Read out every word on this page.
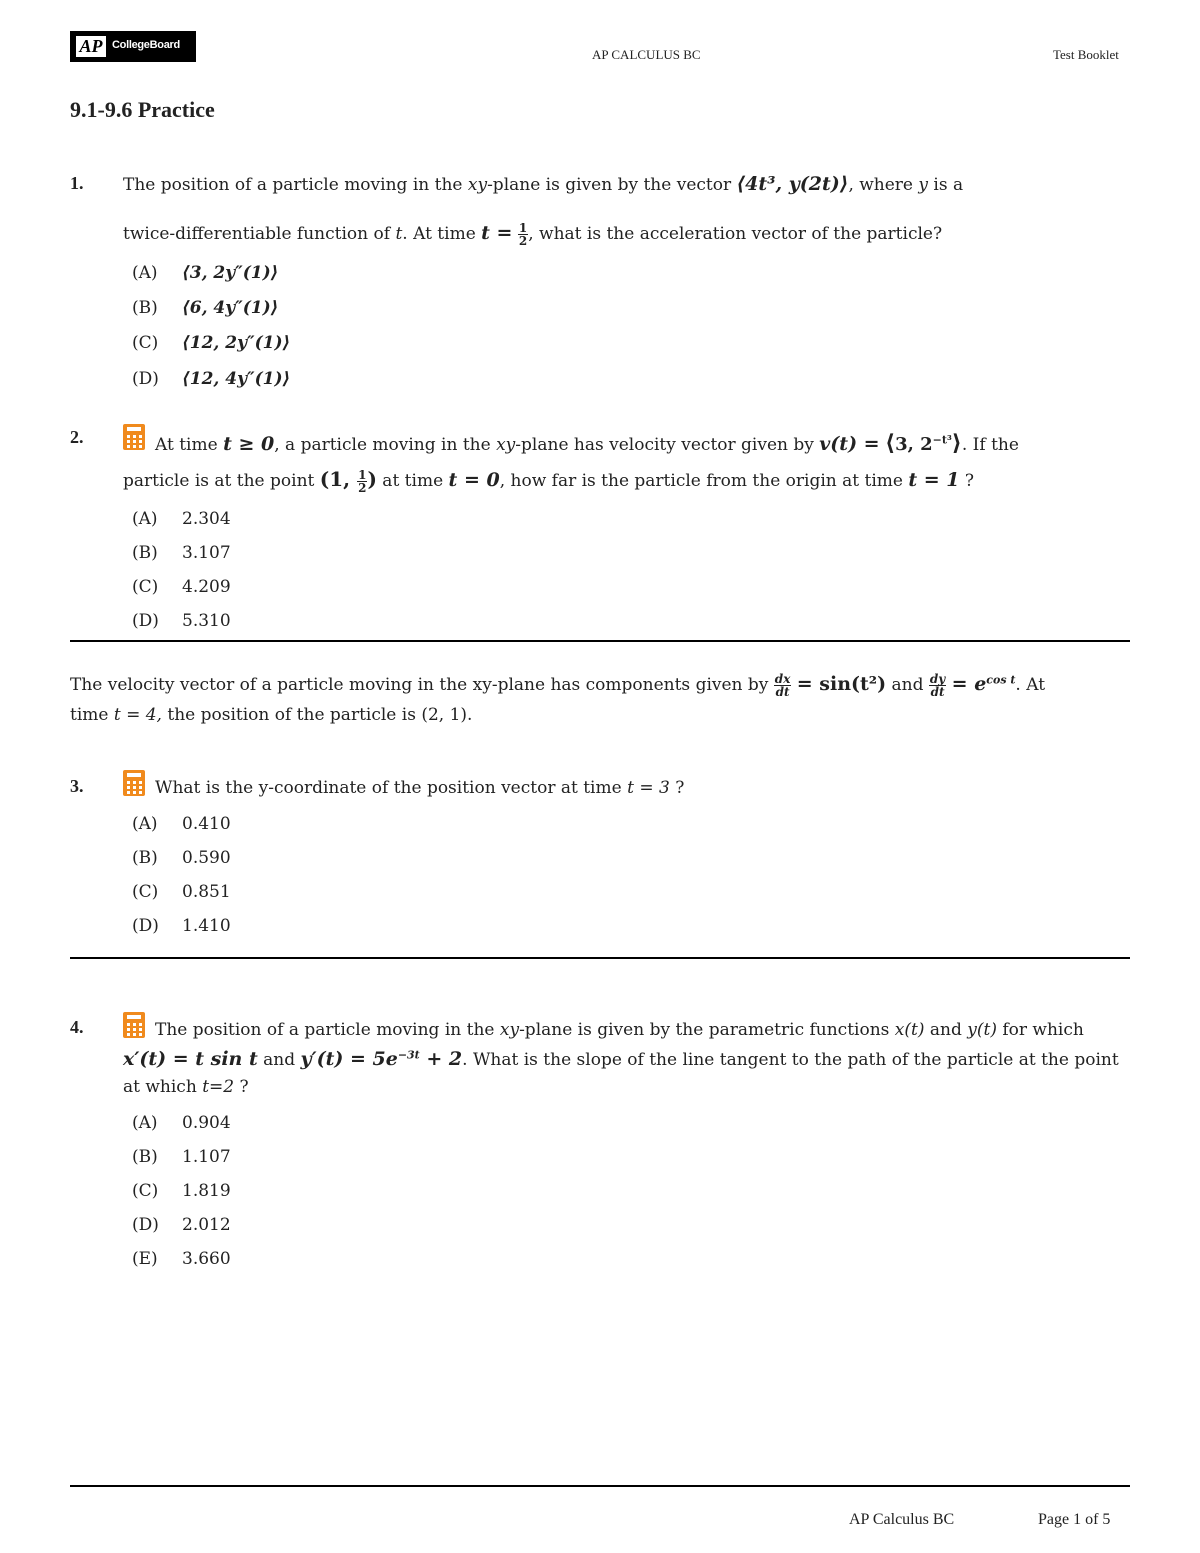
AP CollegeBoard
AP CALCULUS BC	Test Booklet
9.1-9.6 Practice
1. The position of a particle moving in the xy-plane is given by the vector ⟨4t³, y(2t)⟩, where y is a
twice-differentiable function of t. At time $t = \frac{1}{2}$ , what is the acceleration vector of the particle?
(A) ⟨3, 2y″(1)⟩
(B) ⟨6, 4y″(1)⟩
(C) ⟨12, 2y″(1)⟩
(D) ⟨12, 4y″(1)⟩
2.	At time t ≥ 0, a particle moving in the xy-plane has velocity vector given by v(t) = ⟨3, $2^{-t^3}⟩$. If the
particle is at the point (1, $\frac{1}{2}$ ) at time t = 0, how far is the particle from the origin at time t = 1 ?
(A) 2.304
(B) 3.107
(C) 4.209
(D) 5.310
The velocity vector of a particle moving in the xy-plane has components given by $\frac{dx}{dt} = \sin(t^2)$ and $\frac{dy}{dt} = e^{cos t}$. At
time t = 4, the position of the particle is (2, 1).
3.	What is the y-coordinate of the position vector at time t = 3 ?
(A) 0.410
(B) 0.590
(C) 0.851
(D) 1.410
4.	The position of a particle moving in the xy-plane is given by the parametric functions x(t) and y(t) for which
x′(t) = t sin t and $y'(t) = 5e^{-3t} + 2$. What is the slope of the line tangent to the path of the particle at the point
at which t=2 ?
(A) 0.904
(B) 1.107
(C) 1.819
(D) 2.012
(E) 3.660
AP Calculus BC	Page 1 of 5
